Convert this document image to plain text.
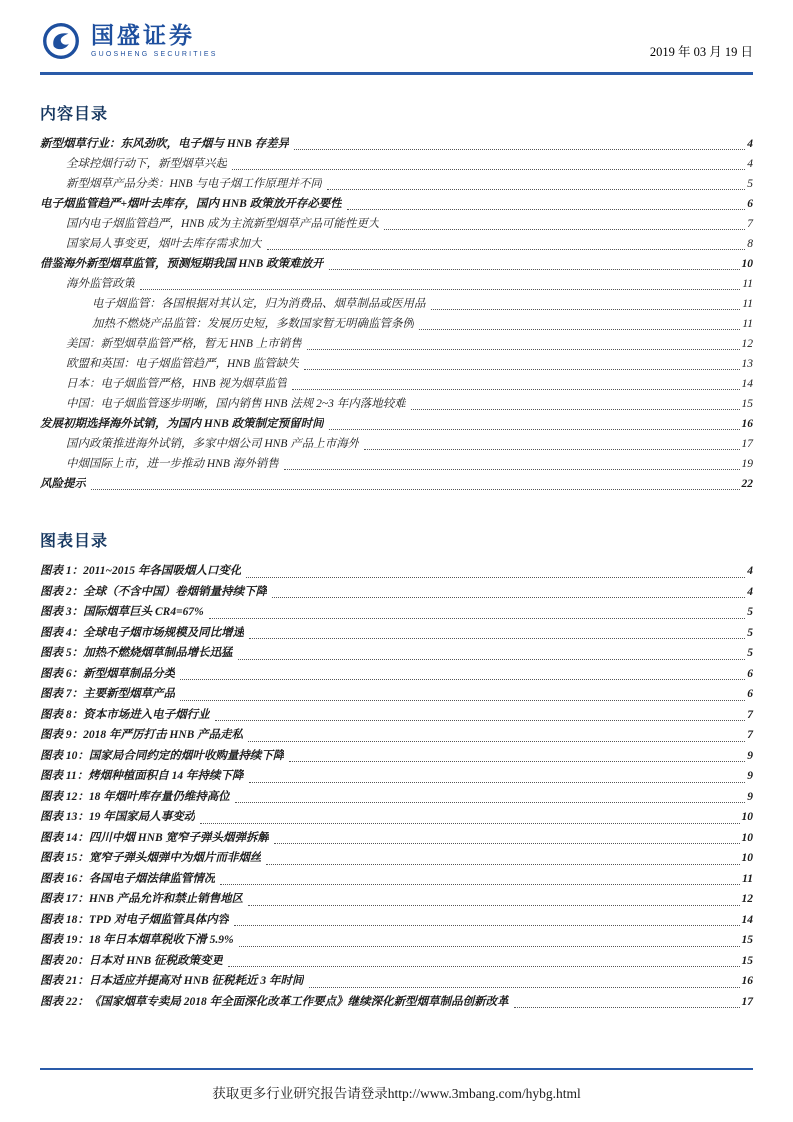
国盛证券
GUOSHENG SECURITIES	2019 年 03 月 19 日
内容目录
新型烟草行业：东风劲吹，电子烟与 HNB 存差异	4
全球控烟行动下，新型烟草兴起	4
新型烟草产品分类：HNB 与电子烟工作原理并不同	5
电子烟监管趋严+烟叶去库存，国内 HNB 政策放开存必要性	6
国内电子烟监管趋严，HNB 成为主流新型烟草产品可能性更大	7
国家局人事变更，烟叶去库存需求加大	8
借鉴海外新型烟草监管，预测短期我国 HNB 政策难放开	10
海外监管政策	11
电子烟监管：各国根据对其认定，归为消费品、烟草制品或医用品	11
加热不燃烧产品监管：发展历史短，多数国家暂无明确监管条例	11
美国：新型烟草监管严格，暂无 HNB 上市销售	12
欧盟和英国：电子烟监管趋严，HNB 监管缺失	13
日本：电子烟监管严格，HNB 视为烟草监管	14
中国：电子烟监管逐步明晰，国内销售 HNB 法规 2~3 年内落地较难	15
发展初期选择海外试销，为国内 HNB 政策制定预留时间	16
国内政策推进海外试销，多家中烟公司 HNB 产品上市海外	17
中烟国际上市，进一步推动 HNB 海外销售	19
风险提示	22
图表目录
图表 1：2011~2015 年各国吸烟人口变化	4
图表 2：全球（不含中国）卷烟销量持续下降	4
图表 3：国际烟草巨头 CR4=67%	5
图表 4：全球电子烟市场规模及同比增速	5
图表 5：加热不燃烧烟草制品增长迅猛	5
图表 6：新型烟草制品分类	6
图表 7：主要新型烟草产品	6
图表 8：资本市场进入电子烟行业	7
图表 9：2018 年严厉打击 HNB 产品走私	7
图表 10：国家局合同约定的烟叶收购量持续下降	9
图表 11：烤烟种植面积自 14 年持续下降	9
图表 12：18 年烟叶库存量仍维持高位	9
图表 13：19 年国家局人事变动	10
图表 14：四川中烟 HNB 宽窄子弹头烟弹拆解	10
图表 15：宽窄子弹头烟弹中为烟片而非烟丝	10
图表 16：各国电子烟法律监管情况	11
图表 17：HNB 产品允许和禁止销售地区	12
图表 18：TPD 对电子烟监管具体内容	14
图表 19：18 年日本烟草税收下滑 5.9%	15
图表 20：日本对 HNB 征税政策变更	15
图表 21：日本适应并提高对 HNB 征税耗近 3 年时间	16
图表 22：《国家烟草专卖局 2018 年全面深化改革工作要点》继续深化新型烟草制品创新改革	17
获取更多行业研究报告请登录http://www.3mbang.com/hybg.html
